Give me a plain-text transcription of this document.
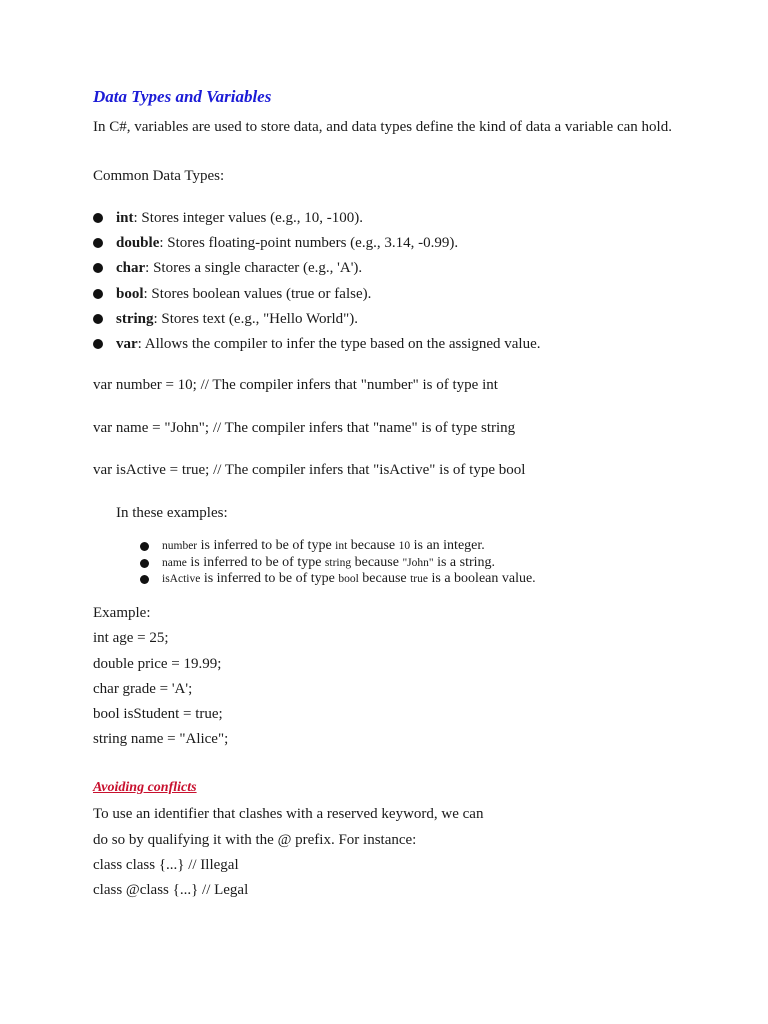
Data Types and Variables
In C#, variables are used to store data, and data types define the kind of data a variable can hold.
Common Data Types:
int: Stores integer values (e.g., 10, -100).
double: Stores floating-point numbers (e.g., 3.14, -0.99).
char: Stores a single character (e.g., 'A').
bool: Stores boolean values (true or false).
string: Stores text (e.g., "Hello World").
var: Allows the compiler to infer the type based on the assigned value.
var number = 10; // The compiler infers that "number" is of type int
var name = "John"; // The compiler infers that "name" is of type string
var isActive = true; // The compiler infers that "isActive" is of type bool
In these examples:
number is inferred to be of type int because 10 is an integer.
name is inferred to be of type string because "John" is a string.
isActive is inferred to be of type bool because true is a boolean value.
Example:
int age = 25;
double price = 19.99;
char grade = 'A';
bool isStudent = true;
string name = "Alice";
Avoiding conflicts
To use an identifier that clashes with a reserved keyword, we can
do so by qualifying it with the @ prefix. For instance:
class class {...} // Illegal
class @class {...} // Legal
